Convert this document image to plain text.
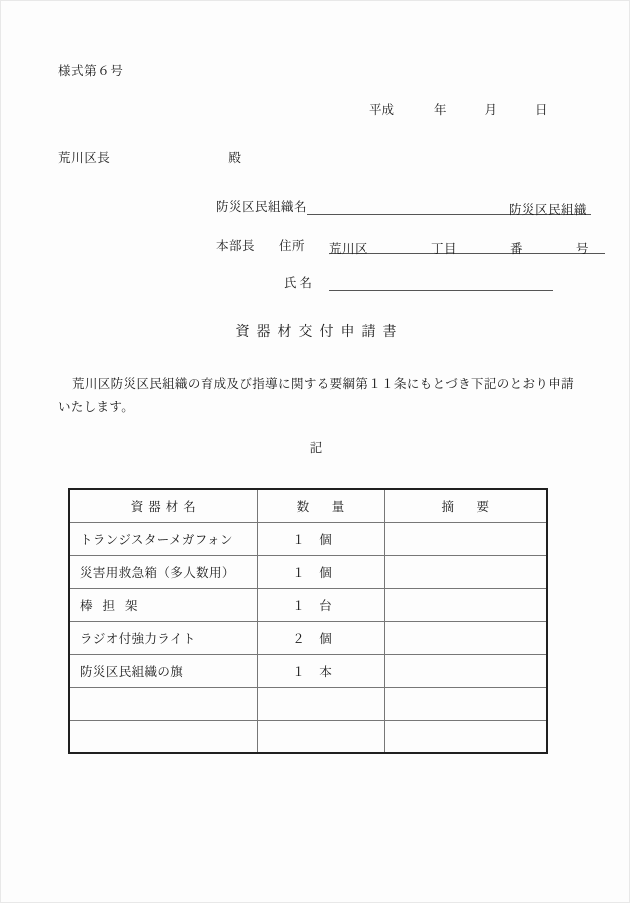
様式第６号
平成	年	月	日
荒川区長	殿
防災区民組織名	防災区民組織
本部長 住所 荒川区	丁目	番	号
氏名
資器材交付申請書
荒川区防災区民組織の育成及び指導に関する要綱第１１条にもとづき下記のとおり申請いたします。
記
資器材名	数　量	摘　要
トランジスターメガフォン	１　個	
災害用救急箱（多人数用）	１　個	
棒担架	１　台	
ラジオ付強力ライト	２　個	
防災区民組織の旗	１　本	
